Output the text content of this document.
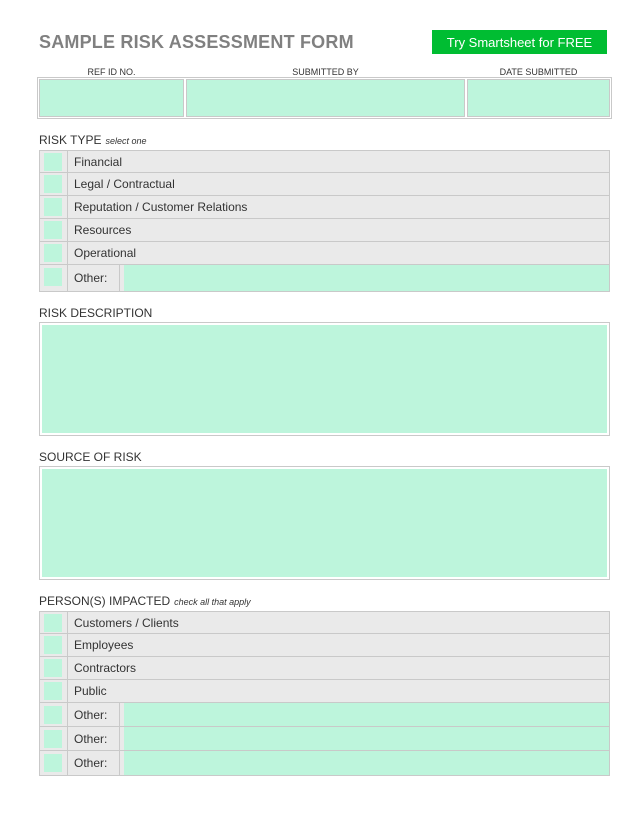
SAMPLE RISK ASSESSMENT FORM	Try Smartsheet for FREE
REF ID NO.	SUBMITTED BY	DATE SUBMITTED
RISK TYPE select one
Financial
Legal / Contractual
Reputation / Customer Relations
Resources
Operational
Other:
RISK DESCRIPTION
SOURCE OF RISK
PERSON(S) IMPACTED check all that apply
Customers / Clients
Employees
Contractors
Public
Other:
Other:
Other:
